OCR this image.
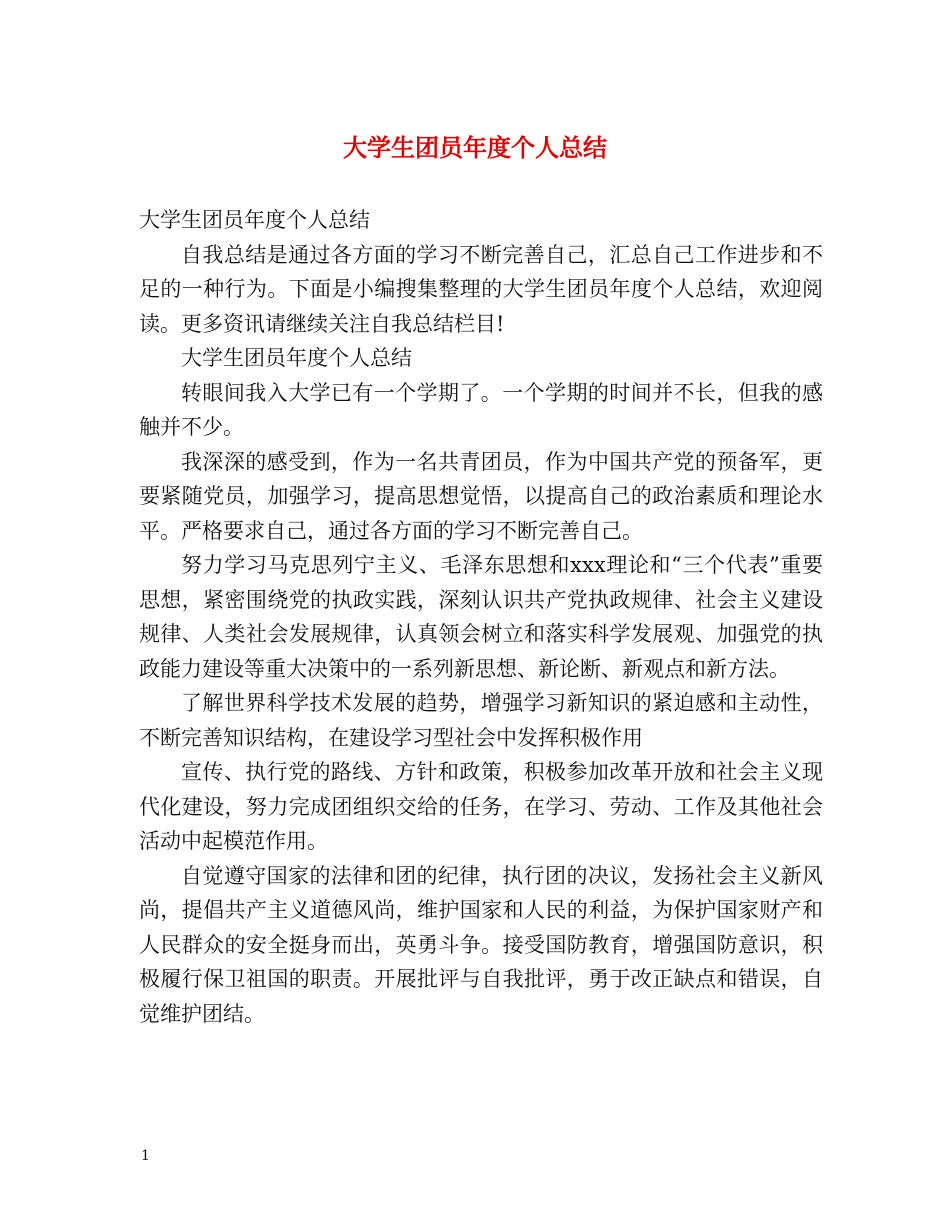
大学生团员年度个人总结

大学生团员年度个人总结

自我总结是通过各方面的学习不断完善自己，汇总自己工作进步和不足的一种行为。下面是小编搜集整理的大学生团员年度个人总结，欢迎阅读。更多资讯请继续关注自我总结栏目!

大学生团员年度个人总结

转眼间我入大学已有一个学期了。一个学期的时间并不长，但我的感触并不少。

我深深的感受到，作为一名共青团员，作为中国共产党的预备军，更要紧随党员，加强学习，提高思想觉悟，以提高自己的政治素质和理论水平。严格要求自己，通过各方面的学习不断完善自己。

努力学习马克思列宁主义、毛泽东思想和xxx理论和“三个代表”重要思想，紧密围绕党的执政实践，深刻认识共产党执政规律、社会主义建设规律、人类社会发展规律，认真领会树立和落实科学发展观、加强党的执政能力建设等重大决策中的一系列新思想、新论断、新观点和新方法。

了解世界科学技术发展的趋势，增强学习新知识的紧迫感和主动性，不断完善知识结构，在建设学习型社会中发挥积极作用

宣传、执行党的路线、方针和政策，积极参加改革开放和社会主义现代化建设，努力完成团组织交给的任务，在学习、劳动、工作及其他社会活动中起模范作用。

自觉遵守国家的法律和团的纪律，执行团的决议，发扬社会主义新风尚，提倡共产主义道德风尚，维护国家和人民的利益，为保护国家财产和人民群众的安全挺身而出，英勇斗争。接受国防教育，增强国防意识，积极履行保卫祖国的职责。开展批评与自我批评，勇于改正缺点和错误，自觉维护团结。

1
